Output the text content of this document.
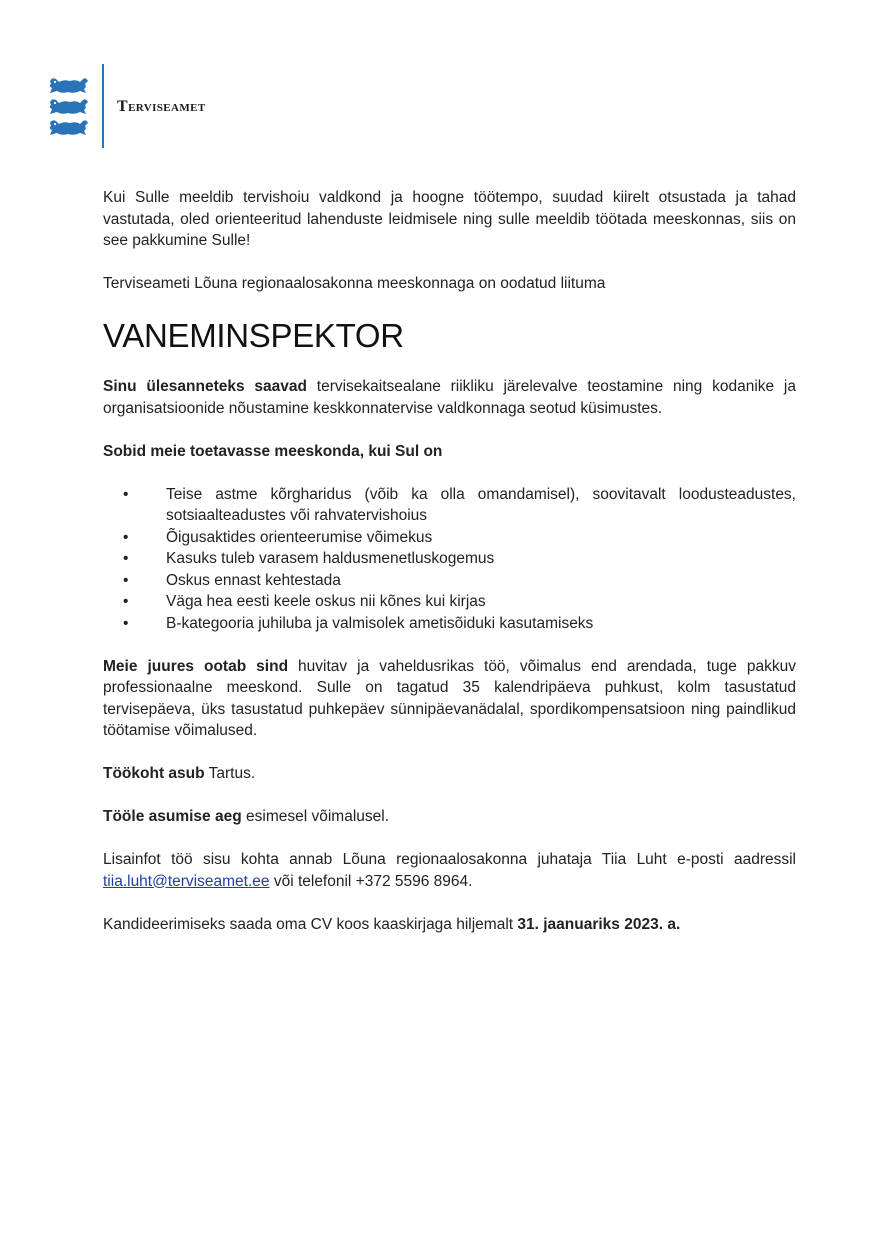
Terviseamet

Kui Sulle meeldib tervishoiu valdkond ja hoogne töötempo, suudad kiirelt otsustada ja tahad vastutada, oled orienteeritud lahenduste leidmisele ning sulle meeldib töötada meeskonnas, siis on see pakkumine Sulle!

Terviseameti Lõuna regionaalosakonna meeskonnaga on oodatud liituma

VANEMINSPEKTOR

Sinu ülesanneteks saavad tervisekaitsealane riikliku järelevalve teostamine ning kodanike ja organisatsioonide nõustamine keskkonnatervise valdkonnaga seotud küsimustes.

Sobid meie toetavasse meeskonda, kui Sul on

• Teise astme kõrgharidus (võib ka olla omandamisel), soovitavalt loodusteadustes, sotsiaalteadustes või rahvatervishoius
• Õigusaktides orienteerumise võimekus
• Kasuks tuleb varasem haldusmenetluskogemus
• Oskus ennast kehtestada
• Väga hea eesti keele oskus nii kõnes kui kirjas
• B-kategooria juhiluba ja valmisolek ametisõiduki kasutamiseks

Meie juures ootab sind huvitav ja vaheldusrikas töö, võimalus end arendada, tuge pakkuv professionaalne meeskond. Sulle on tagatud 35 kalendripäeva puhkust, kolm tasustatud tervisepäeva, üks tasustatud puhkepäev sünnipäevanädalal, spordikompensatsioon ning paindlikud töötamise võimalused.

Töökoht asub Tartus.

Tööle asumise aeg esimesel võimalusel.

Lisainfot töö sisu kohta annab Lõuna regionaalosakonna juhataja Tiia Luht e-posti aadressil tiia.luht@terviseamet.ee või telefonil +372 5596 8964.

Kandideerimiseks saada oma CV koos kaaskirjaga hiljemalt 31. jaanuariks 2023. a.
